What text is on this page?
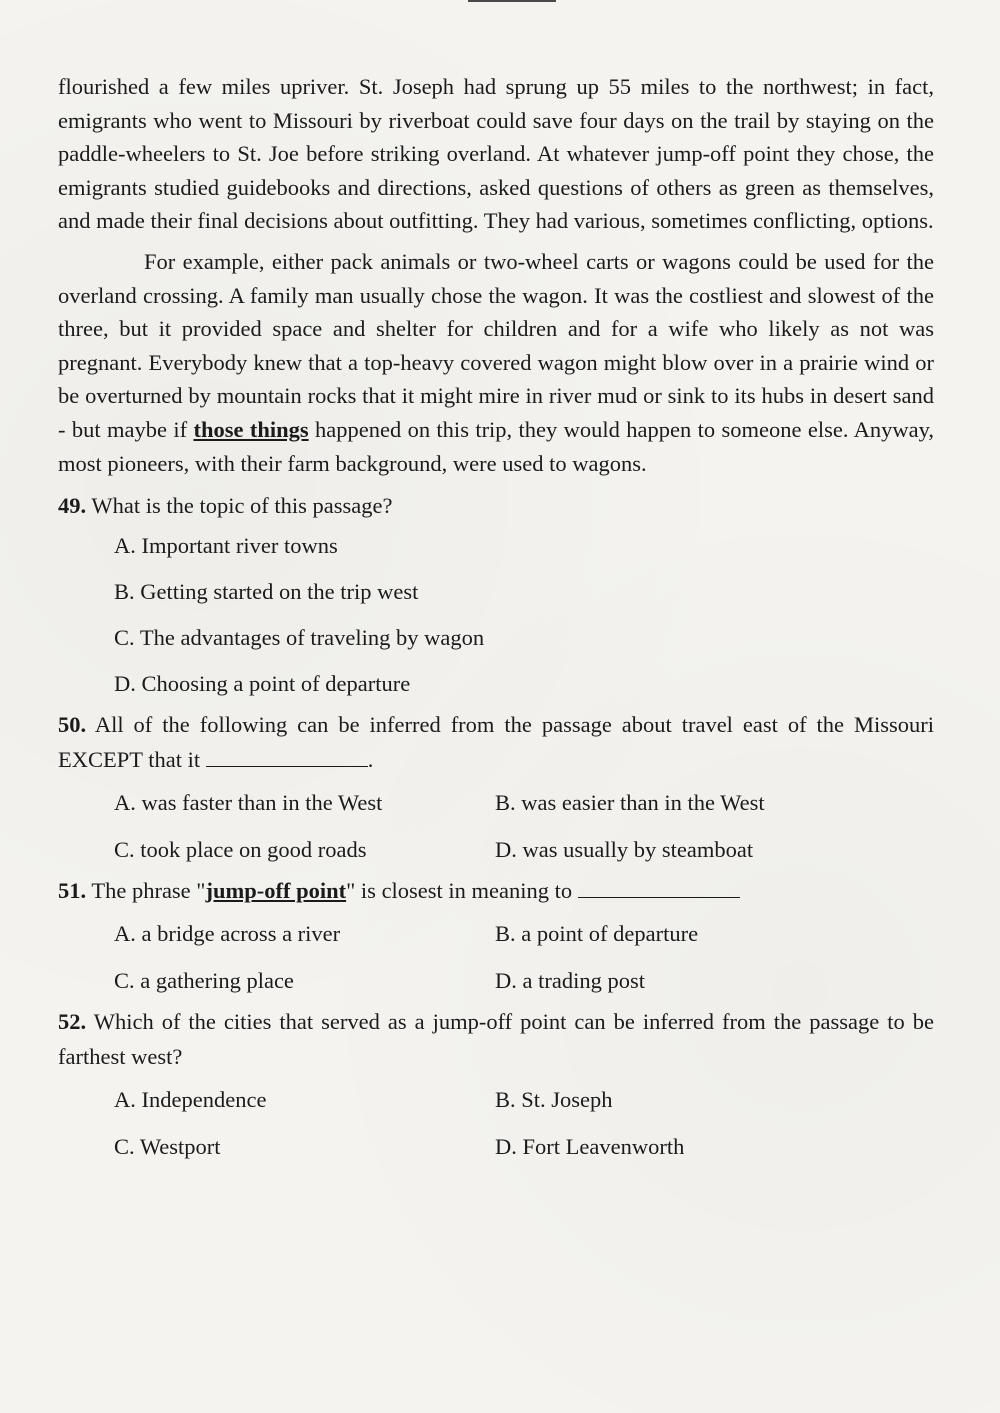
flourished a few miles upriver. St. Joseph had sprung up 55 miles to the northwest; in fact, emigrants who went to Missouri by riverboat could save four days on the trail by staying on the paddle-wheelers to St. Joe before striking overland. At whatever jump-off point they chose, the emigrants studied guidebooks and directions, asked questions of others as green as themselves, and made their final decisions about outfitting. They had various, sometimes conflicting, options.

For example, either pack animals or two-wheel carts or wagons could be used for the overland crossing. A family man usually chose the wagon. It was the costliest and slowest of the three, but it provided space and shelter for children and for a wife who likely as not was pregnant. Everybody knew that a top-heavy covered wagon might blow over in a prairie wind or be overturned by mountain rocks that it might mire in river mud or sink to its hubs in desert sand - but maybe if those things happened on this trip, they would happen to someone else. Anyway, most pioneers, with their farm background, were used to wagons.

49. What is the topic of this passage?

A. Important river towns
B. Getting started on the trip west
C. The advantages of traveling by wagon
D. Choosing a point of departure

50. All of the following can be inferred from the passage about travel east of the Missouri EXCEPT that it	.

A. was faster than in the West	B. was easier than in the West
C. took place on good roads	D. was usually by steamboat

51. The phrase "jump-off point" is closest in meaning to

A. a bridge across a river	B. a point of departure
C. a gathering place	D. a trading post

52. Which of the cities that served as a jump-off point can be inferred from the passage to be farthest west?

A. Independence	B. St. Joseph
C. Westport	D. Fort Leavenworth
